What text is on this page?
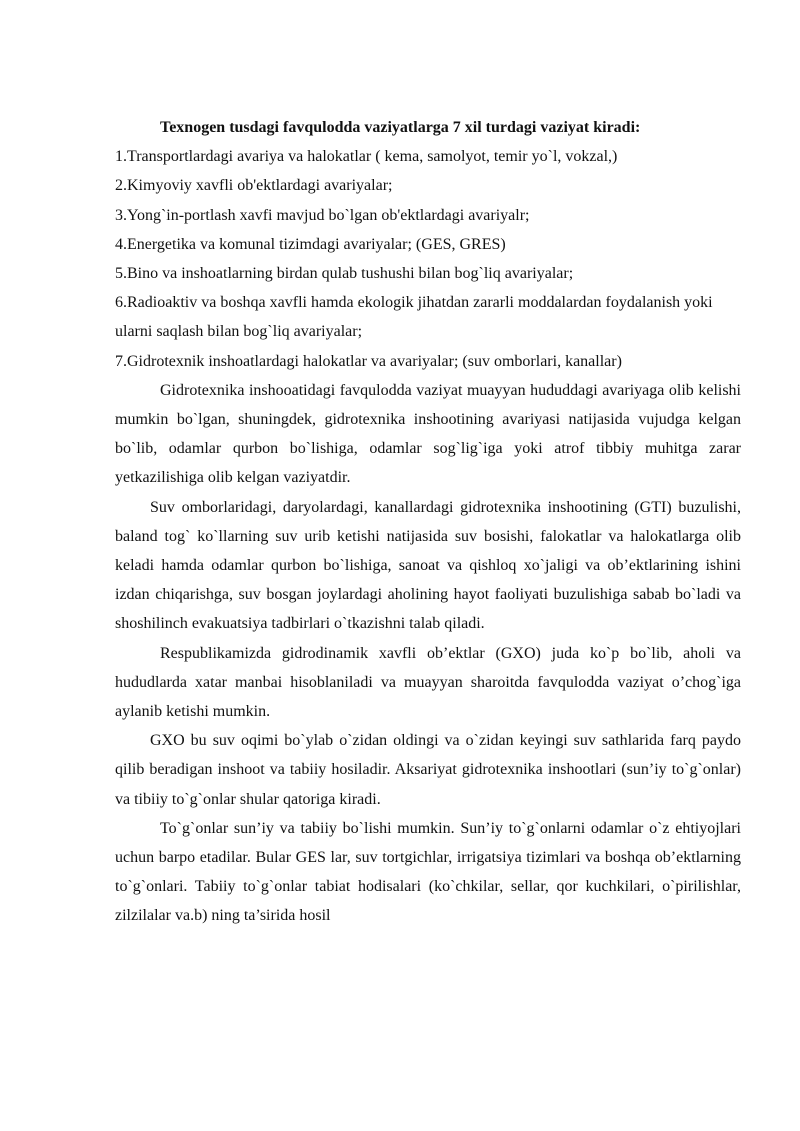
Texnogen tusdagi favqulodda vaziyatlarga 7 xil turdagi vaziyat kiradi:

1.Transportlardagi avariya va halokatlar ( kema, samolyot, temir yo`l, vokzal,)

2.Kimyoviy xavfli ob'ektlardagi avariyalar;

3.Yong`in-portlash xavfi mavjud bo`lgan ob'ektlardagi avariyalr;

4.Energetika va komunal tizimdagi avariyalar; (GES, GRES)

5.Bino va inshoatlarning birdan qulab tushushi bilan bog`liq avariyalar;

6.Radioaktiv va boshqa xavfli hamda ekologik jihatdan zararli moddalardan foydalanish yoki ularni saqlash bilan bog`liq avariyalar;

7.Gidrotexnik inshoatlardagi halokatlar va avariyalar; (suv omborlari, kanallar)

Gidrotexnika inshooatidagi favqulodda vaziyat muayyan hududdagi avariyaga olib kelishi mumkin bo`lgan, shuningdek, gidrotexnika inshootining avariyasi natijasida vujudga kelgan bo`lib, odamlar qurbon bo`lishiga, odamlar sog`lig`iga yoki atrof tibbiy muhitga zarar yetkazilishiga olib kelgan vaziyatdir.

Suv omborlaridagi, daryolardagi, kanallardagi gidrotexnika inshootining (GTI) buzulishi, baland tog` ko`llarning suv urib ketishi natijasida suv bosishi, falokatlar va halokatlarga olib keladi hamda odamlar qurbon bo`lishiga, sanoat va qishloq xo`jaligi va ob’ektlarining ishini izdan chiqarishga, suv bosgan joylardagi aholining hayot faoliyati buzulishiga sabab bo`ladi va shoshilinch evakuatsiya tadbirlari o`tkazishni talab qiladi.

Respublikamizda gidrodinamik xavfli ob’ektlar (GXO) juda ko`p bo`lib, aholi va hududlarda xatar manbai hisoblaniladi va muayyan sharoitda favqulodda vaziyat o’chog`iga aylanib ketishi mumkin.

GXO bu suv oqimi bo`ylab o`zidan oldingi va o`zidan keyingi suv sathlarida farq paydo qilib beradigan inshoot va tabiiy hosiladir. Aksariyat gidrotexnika inshootlari (sun’iy to`g`onlar) va tibiiy to`g`onlar shular qatoriga kiradi.

To`g`onlar sun’iy va tabiiy bo`lishi mumkin. Sun’iy to`g`onlarni odamlar o`z ehtiyojlari uchun barpo etadilar. Bular GES lar, suv tortgichlar, irrigatsiya tizimlari va boshqa ob’ektlarning to`g`onlari. Tabiiy to`g`onlar tabiat hodisalari (ko`chkilar, sellar, qor kuchkilari, o`pirilishlar, zilzilalar va.b) ning ta’sirida hosil
